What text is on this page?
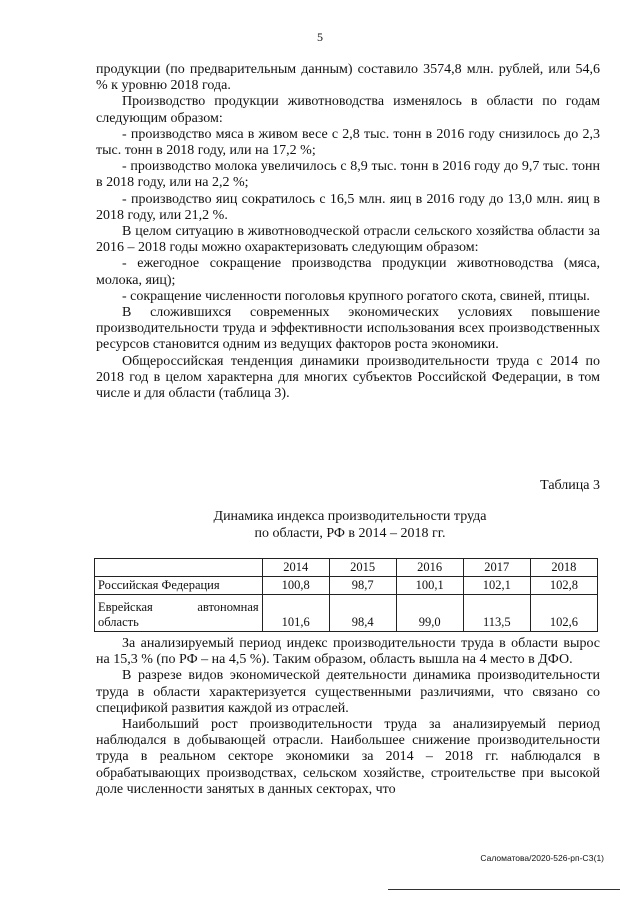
5

продукции (по предварительным данным) составило 3574,8 млн. рублей, или 54,6 % к уровню 2018 года.

Производство продукции животноводства изменялось в области по годам следующим образом:

- производство мяса в живом весе с 2,8 тыс. тонн в 2016 году снизилось до 2,3 тыс. тонн в 2018 году, или на 17,2 %;

- производство молока увеличилось с 8,9 тыс. тонн в 2016 году до 9,7 тыс. тонн в 2018 году, или на 2,2 %;

- производство яиц сократилось с 16,5 млн. яиц в 2016 году до 13,0 млн. яиц в 2018 году, или 21,2 %.

В целом ситуацию в животноводческой отрасли сельского хозяйства области за 2016 – 2018 годы можно охарактеризовать следующим образом:

- ежегодное сокращение производства продукции животноводства (мяса, молока, яиц);

- сокращение численности поголовья крупного рогатого скота, свиней, птицы.

В сложившихся современных экономических условиях повышение производительности труда и эффективности использования всех производственных ресурсов становится одним из ведущих факторов роста экономики.

Общероссийская тенденция динамики производительности труда с 2014 по 2018 год в целом характерна для многих субъектов Российской Федерации, в том числе и для области (таблица 3).

Таблица 3
Динамика индекса производительности труда
по области, РФ в 2014 – 2018 гг.
	2014	2015	2016	2017	2018
Российская Федерация	100,8	98,7	100,1	102,1	102,8

Еврейская автономная
область	101,6	98,4	99,0	113,5	102,6

За анализируемый период индекс производительности труда в области вырос на 15,3 % (по РФ – на 4,5 %). Таким образом, область вышла на 4 место в ДФО.

В разрезе видов экономической деятельности динамика производительности труда в области характеризуется существенными различиями, что связано со спецификой развития каждой из отраслей.

Наибольший рост производительности труда за анализируемый период наблюдался в добывающей отрасли. Наибольшее снижение производительности труда в реальном секторе экономики за 2014 – 2018 гг. наблюдался в обрабатывающих производствах, сельском хозяйстве, строительстве при высокой доле численности занятых в данных секторах, что

Саломатова/2020-526-рп-СЗ(1)
